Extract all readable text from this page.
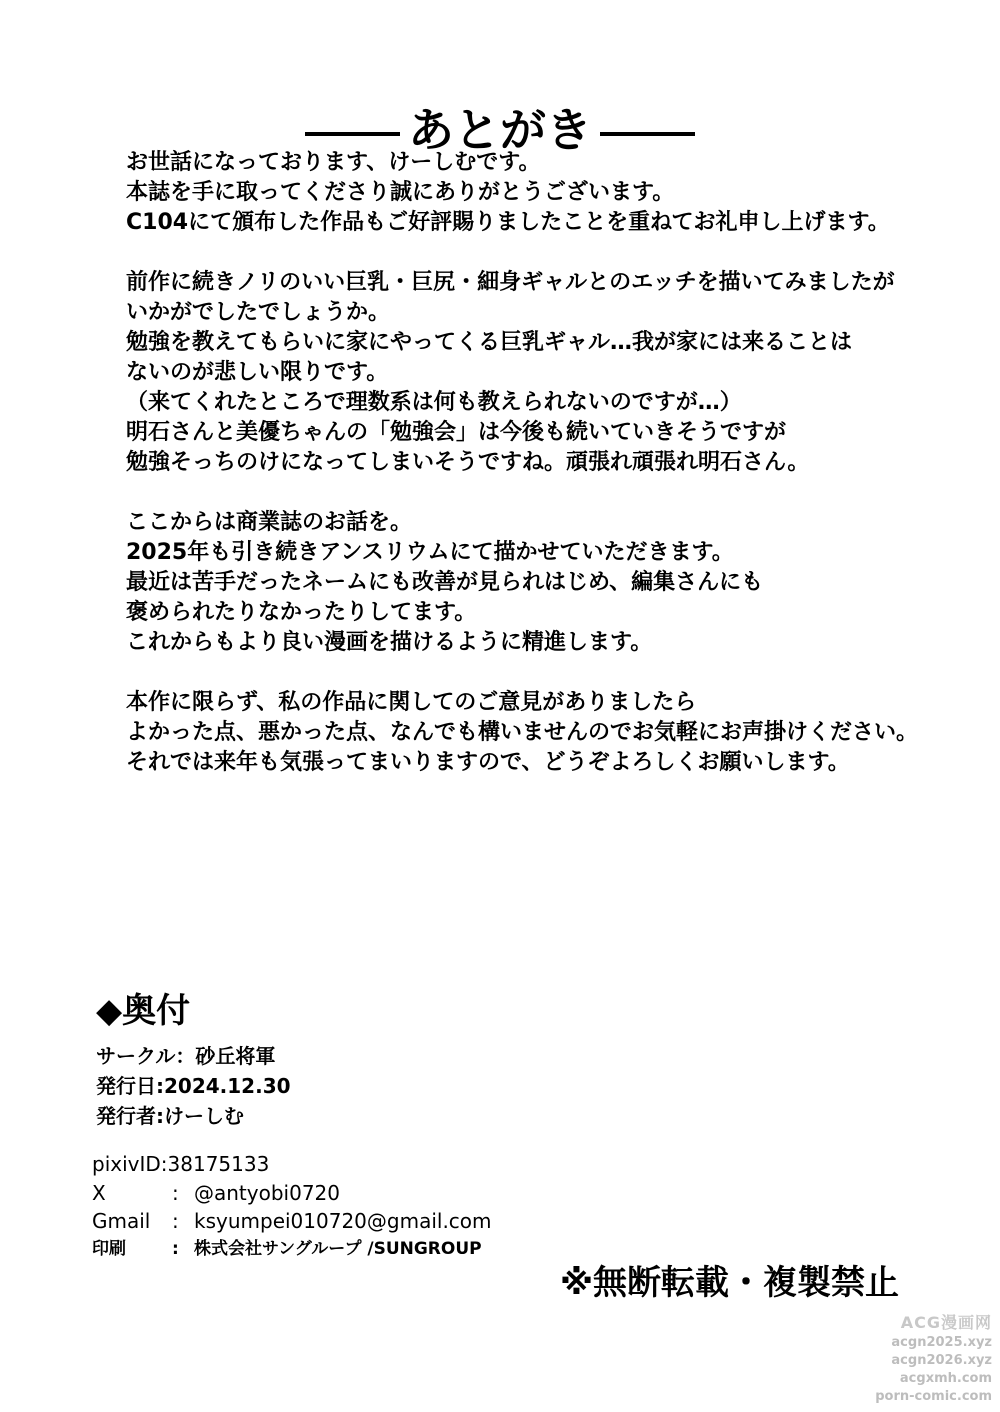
あとがき
お世話になっております、けーしむです。
本誌を手に取ってくださり誠にありがとうございます。
C104にて頒布した作品もご好評賜りましたことを重ねてお礼申し上げます。
前作に続きノリのいい巨乳・巨尻・細身ギャルとのエッチを描いてみましたが
いかがでしたでしょうか。
勉強を教えてもらいに家にやってくる巨乳ギャル…我が家には来ることは
ないのが悲しい限りです。
（来てくれたところで理数系は何も教えられないのですが…）
明石さんと美優ちゃんの「勉強会」は今後も続いていきそうですが
勉強そっちのけになってしまいそうですね。頑張れ頑張れ明石さん。
ここからは商業誌のお話を。
2025年も引き続きアンスリウムにて描かせていただきます。
最近は苦手だったネームにも改善が見られはじめ、編集さんにも
褒められたりなかったりしてます。
これからもより良い漫画を描けるように精進します。
本作に限らず、私の作品に関してのご意見がありましたら
よかった点、悪かった点、なんでも構いませんのでお気軽にお声掛けください。
それでは来年も気張ってまいりますので、どうぞよろしくお願いします。
◆奥付
サークル：砂丘将軍
発行日:2024.12.30
発行者:けーしむ
pixivID:38175133
X	: @antyobi0720
Gmail : ksyumpei010720@gmail.com
印刷	: 株式会社サングループ /SUNGROUP
※無断転載・複製禁止
ACG漫画网
acgn2025.xyz
acgn2026.xyz
acgxmh.com
porn-comic.com
